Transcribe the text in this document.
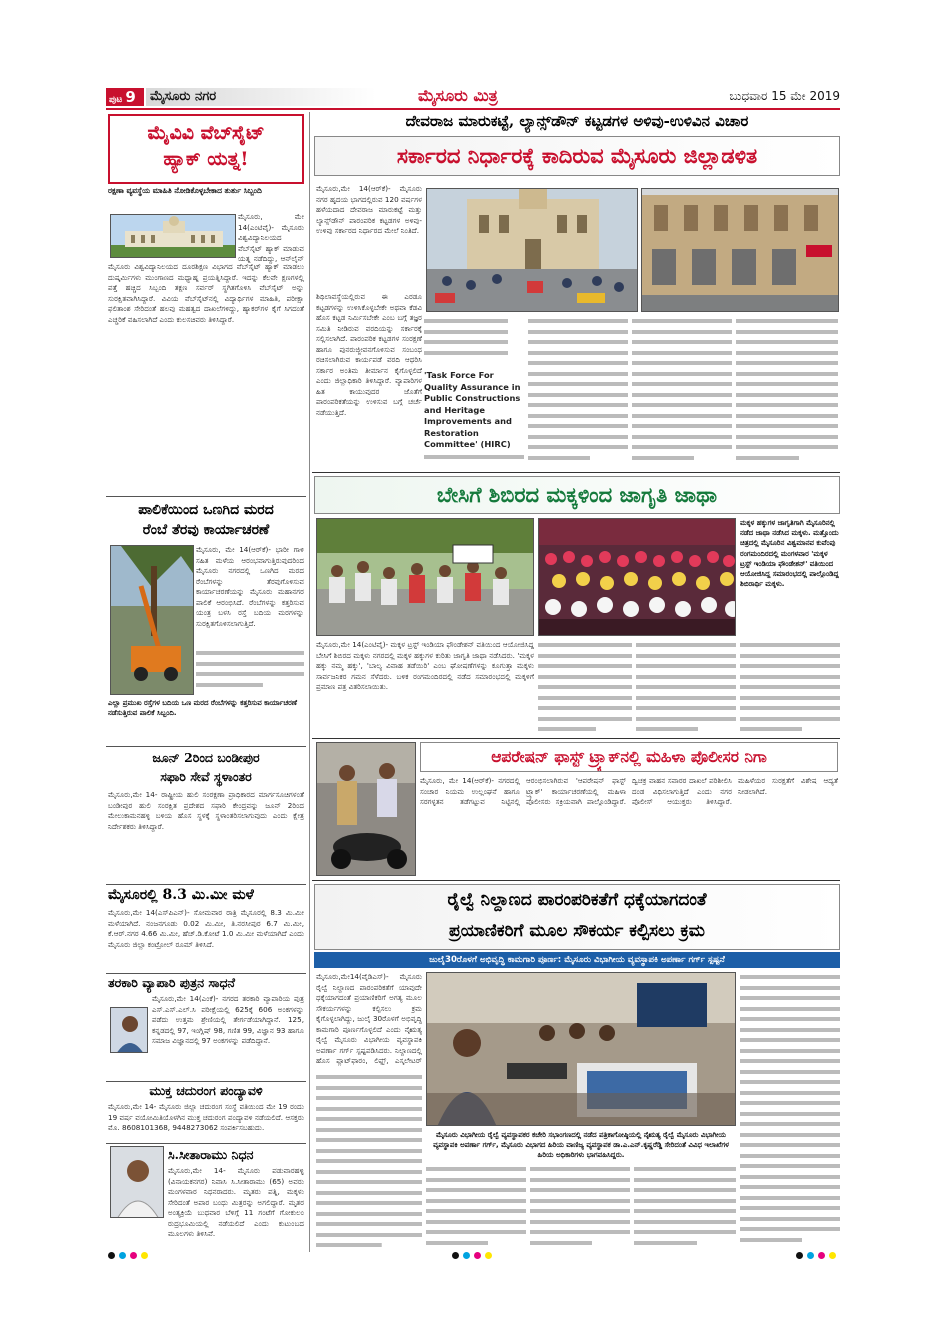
ಪುಟ 9	ಮೈಸೂರು ನಗರ	ಮೈಸೂರು ಮಿತ್ರ	ಬುಧವಾರ 15 ಮೇ 2019
ಮೈವಿವಿ ವೆಬ್‍ಸೈಟ್
ಹ್ಯಾಕ್ ಯತ್ನ!
ರಕ್ಷಣಾ ವ್ಯವಸ್ಥೆಯ ಮಾಹಿತಿ ನೋಡಿಕೊಳ್ಳಬೇಕಾದ ತುರ್ತು ಸಿಬ್ಬಂದಿ
ಮೈಸೂರು, ಮೇ 14(ಎಂಟಿವೈ)- ಮೈಸೂರು ವಿಶ್ವವಿದ್ಯಾನಿಲಯದ ವೆಬ್‍ಸೈಟ್ ಹ್ಯಾಕ್ ಮಾಡುವ ಯತ್ನ ನಡೆದಿದ್ದು, ಆನ್‍ಲೈನ್
ಮೈಸೂರು ವಿಶ್ವವಿದ್ಯಾನಿಲಯದ ದೂರಶಿಕ್ಷಣ ವಿಭಾಗದ ವೆಬ್‍ಸೈಟ್ ಹ್ಯಾಕ್ ಮಾಡಲು ದುಷ್ಕರ್ಮಿಗಳು ಮುಂಗಾಣದ ಮಧ್ಯಾಹ್ನ ಪ್ರಯತ್ನಿಸಿದ್ದಾರೆ. ಇದನ್ನು ಕೆಲವೇ ಕ್ಷಣಗಳಲ್ಲಿ ಪತ್ತೆ ಹಚ್ಚಿದ ಸಿಬ್ಬಂದಿ ತಕ್ಷಣ ಸರ್ವರ್ ಸ್ಥಗಿತಗೊಳಿಸಿ ವೆಬ್‍ಸೈಟ್ ಅನ್ನು ಸುರಕ್ಷಿತವಾಗಿಸಿದ್ದಾರೆ. ವಿವಿಯ ವೆಬ್‍ಸೈಟ್‍ನಲ್ಲಿ ವಿದ್ಯಾರ್ಥಿಗಳ ಮಾಹಿತಿ, ಪರೀಕ್ಷಾ ಫಲಿತಾಂಶ ಸೇರಿದಂತೆ ಹಲವು ಮಹತ್ವದ ದಾಖಲೆಗಳಿದ್ದು, ಹ್ಯಾಕರ್‌ಗಳ ಕೈಗೆ ಸಿಗದಂತೆ ಎಚ್ಚರಿಕೆ ವಹಿಸಲಾಗಿದೆ ಎಂದು ಕುಲಸಚಿವರು ತಿಳಿಸಿದ್ದಾರೆ.
ಪಾಲಿಕೆಯಿಂದ ಒಣಗಿದ ಮರದ
ರೆಂಬೆ ತೆರವು ಕಾರ್ಯಾಚರಣೆ
ಮೈಸೂರು, ಮೇ 14(ಆರ್‌ಕೆ)- ಭಾರೀ ಗಾಳಿ ಸಹಿತ ಮಳೆಯ ಆರಂಭವಾಗುತ್ತಿರುವುದರಿಂದ ಮೈಸೂರು ನಗರದಲ್ಲಿ ಒಣಗಿದ ಮರದ ರೆಂಬೆಗಳನ್ನು ತೆರವುಗೊಳಿಸುವ ಕಾರ್ಯಾಚರಣೆಯನ್ನು ಮೈಸೂರು ಮಹಾನಗರ ಪಾಲಿಕೆ ಆರಂಭಿಸಿದೆ. ರೆಂಬೆಗಳನ್ನು ಕತ್ತರಿಸುವ ಯಂತ್ರ ಬಳಸಿ ರಸ್ತೆ ಬದಿಯ ಮರಗಳನ್ನು ಸುರಕ್ಷಿತಗೊಳಿಸಲಾಗುತ್ತಿದೆ.
ಎಲ್ಲಾ ಪ್ರಮುಖ ರಸ್ತೆಗಳ ಬದಿಯ ಒಣ ಮರದ ರೆಂಬೆಗಳನ್ನು ಕತ್ತರಿಸುವ ಕಾರ್ಯಾಚರಣೆ ನಡೆಸುತ್ತಿರುವ ಪಾಲಿಕೆ ಸಿಬ್ಬಂದಿ.
ಜೂನ್ 2ರಿಂದ ಬಂಡೀಪುರ
ಸಫಾರಿ ಸೇವೆ ಸ್ಥಳಾಂತರ
ಮೈಸೂರು,ಮೇ 14- ರಾಷ್ಟ್ರೀಯ ಹುಲಿ ಸಂರಕ್ಷಣಾ ಪ್ರಾಧಿಕಾರದ ಮಾರ್ಗಸೂಚಿಗಳಂತೆ ಬಂಡೀಪುರ ಹುಲಿ ಸಂರಕ್ಷಿತ ಪ್ರದೇಶದ ಸಫಾರಿ ಕೇಂದ್ರವನ್ನು ಜೂನ್ 2ರಿಂದ ಮೇಲುಕಾಮನಹಳ್ಳಿ ಬಳಿಯ ಹೊಸ ಸ್ಥಳಕ್ಕೆ ಸ್ಥಳಾಂತರಿಸಲಾಗುವುದು ಎಂದು ಕ್ಷೇತ್ರ ನಿರ್ದೇಶಕರು ತಿಳಿಸಿದ್ದಾರೆ.
ಮೈಸೂರಲ್ಲಿ 8.3 ಮಿ.ಮೀ ಮಳೆ
ಮೈಸೂರು,ಮೇ 14(ಎಸ್‌ಪಿಎನ್)- ಸೋಮವಾರ ರಾತ್ರಿ ಮೈಸೂರಲ್ಲಿ 8.3 ಮಿ.ಮೀ ಮಳೆಯಾಗಿದೆ. ನಂಜನಗೂಡು 0.02 ಮಿ.ಮೀ, ತಿ.ನರಸೀಪುರ 6.7 ಮಿ.ಮೀ, ಕೆ.ಆರ್.ನಗರ 4.66 ಮಿ.ಮೀ, ಹೆಚ್.ಡಿ.ಕೋಟೆ 1.0 ಮಿ.ಮೀ ಮಳೆಯಾಗಿದೆ ಎಂದು ಮೈಸೂರು ಜಿಲ್ಲಾ ಕಂಟ್ರೋಲ್ ರೂಮ್ ತಿಳಿಸಿದೆ.
ತರಕಾರಿ ವ್ಯಾಪಾರಿ ಪುತ್ರನ ಸಾಧನೆ
ಮೈಸೂರು,ಮೇ 14(ಎಂಕೆ)- ನಗರದ ತರಕಾರಿ ವ್ಯಾಪಾರಿಯ ಪುತ್ರ ಎಸ್.ಎಸ್.ಎಲ್.ಸಿ ಪರೀಕ್ಷೆಯಲ್ಲಿ 625ಕ್ಕೆ 606 ಅಂಕಗಳನ್ನು ಪಡೆದು ಉತ್ತಮ ಶ್ರೇಣಿಯಲ್ಲಿ ತೇರ್ಗಡೆಯಾಗಿದ್ದಾನೆ. 125, ಕನ್ನಡದಲ್ಲಿ 97, ಇಂಗ್ಲಿಷ್ 98, ಗಣಿತ 99, ವಿಜ್ಞಾನ 93 ಹಾಗೂ ಸಮಾಜ ವಿಜ್ಞಾನದಲ್ಲಿ 97 ಅಂಕಗಳನ್ನು ಪಡೆದಿದ್ದಾನೆ.
ಮುಕ್ತ ಚದುರಂಗ ಪಂದ್ಯಾವಳಿ
ಮೈಸೂರು,ಮೇ 14- ಮೈಸೂರು ಜಿಲ್ಲಾ ಚದುರಂಗ ಸಂಸ್ಥೆ ವತಿಯಿಂದ ಮೇ 19 ರಂದು 19 ವರ್ಷ ವಯೋಮಿತಿಯೊಳಗಿನ ಮುಕ್ತ ಚದುರಂಗ ಪಂದ್ಯಾವಳಿ ನಡೆಯಲಿದೆ. ಆಸಕ್ತರು ಮೊ. 8608101368, 9448273062 ಸಂಪರ್ಕಿಸಬಹುದು.
ಸಿ.ಸೀತಾರಾಮು ನಿಧನ
ಮೈಸೂರು,ಮೇ 14- ಮೈಸೂರು ಪಡುವಾರಹಳ್ಳಿ (ವಿನಾಯಕನಗರ) ನಿವಾಸಿ ಸಿ.ಸೀತಾರಾಮು (65) ಅವರು ಮಂಗಳವಾರ ನಿಧನರಾದರು. ಮೃತರು ಪತ್ನಿ, ಮಕ್ಕಳು ಸೇರಿದಂತೆ ಅಪಾರ ಬಂಧು ಮಿತ್ರರನ್ನು ಅಗಲಿದ್ದಾರೆ. ಮೃತರ ಅಂತ್ಯಕ್ರಿಯೆ ಬುಧವಾರ ಬೆಳಿಗ್ಗೆ 11 ಗಂಟೆಗೆ ಗೋಕುಲಂ ರುದ್ರಭೂಮಿಯಲ್ಲಿ ನಡೆಯಲಿದೆ ಎಂದು ಕುಟುಂಬದ ಮೂಲಗಳು ತಿಳಿಸಿವೆ.
ದೇವರಾಜ ಮಾರುಕಟ್ಟೆ, ಲ್ಯಾನ್ಸ್‌ಡೌನ್ ಕಟ್ಟಡಗಳ ಅಳಿವು-ಉಳಿವಿನ ವಿಚಾರ
ಸರ್ಕಾರದ ನಿರ್ಧಾರಕ್ಕೆ ಕಾದಿರುವ ಮೈಸೂರು ಜಿಲ್ಲಾಡಳಿತ
ಮೈಸೂರು,ಮೇ 14(ಆರ್‌ಕೆ)- ಮೈಸೂರು ನಗರ ಹೃದಯ ಭಾಗದಲ್ಲಿರುವ 120 ವರ್ಷಗಳ ಹಳೆಯದಾದ ದೇವರಾಜ ಮಾರುಕಟ್ಟೆ ಮತ್ತು ಲ್ಯಾನ್ಸ್‌ಡೌನ್ ಪಾರಂಪರಿಕ ಕಟ್ಟಡಗಳ ಅಳಿವು-ಉಳಿವು ಸರ್ಕಾರದ ನಿರ್ಧಾರದ ಮೇಲೆ ನಿಂತಿದೆ.
ಶಿಥಿಲಾವಸ್ಥೆಯಲ್ಲಿರುವ ಈ ಎರಡೂ ಕಟ್ಟಡಗಳನ್ನು ಉಳಿಸಿಕೊಳ್ಳಬೇಕೇ ಅಥವಾ ಕೆಡವಿ ಹೊಸ ಕಟ್ಟಡ ನಿರ್ಮಿಸಬೇಕೇ ಎಂಬ ಬಗ್ಗೆ ತಜ್ಞರ ಸಮಿತಿ ನೀಡಿರುವ ವರದಿಯನ್ನು ಸರ್ಕಾರಕ್ಕೆ ಸಲ್ಲಿಸಲಾಗಿದೆ. ಪಾರಂಪರಿಕ ಕಟ್ಟಡಗಳ ಸಂರಕ್ಷಣೆ ಹಾಗೂ ಪುನರುಜ್ಜೀವನಗೊಳಿಸುವ ಸಂಬಂಧ ರಚಿಸಲಾಗಿರುವ ಕಾರ್ಯಪಡೆ ವರದಿ ಆಧರಿಸಿ ಸರ್ಕಾರ ಅಂತಿಮ ತೀರ್ಮಾನ ಕೈಗೊಳ್ಳಲಿದೆ ಎಂದು ಜಿಲ್ಲಾಧಿಕಾರಿ ತಿಳಿಸಿದ್ದಾರೆ. ವ್ಯಾಪಾರಿಗಳ ಹಿತ ಕಾಯುವುದರ ಜೊತೆಗೆ ಪಾರಂಪರಿಕತೆಯನ್ನು ಉಳಿಸುವ ಬಗ್ಗೆ ಚರ್ಚೆ ನಡೆಯುತ್ತಿದೆ.
'Task Force For Quality Assurance in Public Constructions and Heritage Improvements and Restoration Committee' (HIRC)
ಬೇಸಿಗೆ ಶಿಬಿರದ ಮಕ್ಕಳಿಂದ ಜಾಗೃತಿ ಜಾಥಾ
ಮಕ್ಕಳ ಹಕ್ಕುಗಳ ಜಾಗೃತಿಗಾಗಿ ಮೈಸೂರಿನಲ್ಲಿ ನಡೆದ ಜಾಥಾ ನಡೆಸಿದ ಮಕ್ಕಳು. ಮತ್ತೊಂದು ಚಿತ್ರದಲ್ಲಿ ಮೈಸೂರಿನ ವಿಶ್ವಮಾನವ ಕುವೆಂಪು ರಂಗಮಂದಿರದಲ್ಲಿ ಮಂಗಳವಾರ 'ಮಕ್ಕಳ ಟ್ರಸ್ಟ್ ಇಂಡಿಯಾ ಫೌಂಡೇಶನ್' ವತಿಯಿಂದ ಆಯೋಜಿಸಿದ್ದ ಸಮಾರಂಭದಲ್ಲಿ ಪಾಲ್ಗೊಂಡಿದ್ದ ಶಿಬಿರಾರ್ಥಿ ಮಕ್ಕಳು.
ಮೈಸೂರು,ಮೇ 14(ಎಂಟಿವೈ)- ಮಕ್ಕಳ ಟ್ರಸ್ಟ್ ಇಂಡಿಯಾ ಫೌಂಡೇಶನ್ ವತಿಯಿಂದ ಆಯೋಜಿಸಿದ್ದ ಬೇಸಿಗೆ ಶಿಬಿರದ ಮಕ್ಕಳು ನಗರದಲ್ಲಿ ಮಕ್ಕಳ ಹಕ್ಕುಗಳ ಕುರಿತು ಜಾಗೃತಿ ಜಾಥಾ ನಡೆಸಿದರು. 'ಮಕ್ಕಳ ಹಕ್ಕು ನಮ್ಮ ಹಕ್ಕು', 'ಬಾಲ್ಯ ವಿವಾಹ ತಡೆಯಿರಿ' ಎಂಬ ಘೋಷಣೆಗಳನ್ನು ಕೂಗುತ್ತಾ ಮಕ್ಕಳು ಸಾರ್ವಜನಿಕರ ಗಮನ ಸೆಳೆದರು. ಬಳಿಕ ರಂಗಮಂದಿರದಲ್ಲಿ ನಡೆದ ಸಮಾರಂಭದಲ್ಲಿ ಮಕ್ಕಳಿಗೆ ಪ್ರಮಾಣ ಪತ್ರ ವಿತರಿಸಲಾಯಿತು.
ಆಪರೇಷನ್ ಫಾಸ್ಟ್ ಟ್ರ್ಯಾಕ್‌ನಲ್ಲಿ ಮಹಿಳಾ ಪೊಲೀಸರ ನಿಗಾ
ಮೈಸೂರು, ಮೇ 14(ಆರ್‌ಕೆ)- ನಗರದಲ್ಲಿ ಸಂಚಾರ ನಿಯಮ ಉಲ್ಲಂಘನೆ ಹಾಗೂ ಸರಗಳ್ಳತನ ತಡೆಗಟ್ಟುವ ನಿಟ್ಟಿನಲ್ಲಿ ಆರಂಭಿಸಲಾಗಿರುವ 'ಆಪರೇಷನ್ ಫಾಸ್ಟ್ ಟ್ರ್ಯಾಕ್' ಕಾರ್ಯಾಚರಣೆಯಲ್ಲಿ ಮಹಿಳಾ ಪೊಲೀಸರು ಸಕ್ರಿಯವಾಗಿ ಪಾಲ್ಗೊಂಡಿದ್ದಾರೆ. ದ್ವಿಚಕ್ರ ವಾಹನ ಸವಾರರ ದಾಖಲೆ ಪರಿಶೀಲಿಸಿ ದಂಡ ವಿಧಿಸಲಾಗುತ್ತಿದೆ ಎಂದು ನಗರ ಪೊಲೀಸ್ ಆಯುಕ್ತರು ತಿಳಿಸಿದ್ದಾರೆ. ಮಹಿಳೆಯರ ಸುರಕ್ಷತೆಗೆ ವಿಶೇಷ ಆದ್ಯತೆ ನೀಡಲಾಗಿದೆ.
ರೈಲ್ವೆ ನಿಲ್ದಾಣದ ಪಾರಂಪರಿಕತೆಗೆ ಧಕ್ಕೆಯಾಗದಂತೆ
ಪ್ರಯಾಣಿಕರಿಗೆ ಮೂಲ ಸೌಕರ್ಯ ಕಲ್ಪಿಸಲು ಕ್ರಮ
ಜುಲೈ30ರೊಳಗೆ ಅಭಿವೃದ್ಧಿ ಕಾಮಗಾರಿ ಪೂರ್ಣ: ಮೈಸೂರು ವಿಭಾಗೀಯ ವ್ಯವಸ್ಥಾಪಕಿ ಅಪರ್ಣಾ ಗರ್ಗ್ ಸ್ಪಷ್ಟನೆ
ಮೈಸೂರು,ಮೇ14(ವೈಡಿಎಸ್)- ಮೈಸೂರು ರೈಲ್ವೆ ನಿಲ್ದಾಣದ ಪಾರಂಪರಿಕತೆಗೆ ಯಾವುದೇ ಧಕ್ಕೆಯಾಗದಂತೆ ಪ್ರಯಾಣಿಕರಿಗೆ ಅಗತ್ಯ ಮೂಲ ಸೌಕರ್ಯಗಳನ್ನು ಕಲ್ಪಿಸಲು ಕ್ರಮ ಕೈಗೊಳ್ಳಲಾಗಿದ್ದು, ಜುಲೈ 30ರೊಳಗೆ ಅಭಿವೃದ್ಧಿ ಕಾಮಗಾರಿ ಪೂರ್ಣಗೊಳ್ಳಲಿದೆ ಎಂದು ನೈಋತ್ಯ ರೈಲ್ವೆ ಮೈಸೂರು ವಿಭಾಗೀಯ ವ್ಯವಸ್ಥಾಪಕಿ ಅಪರ್ಣಾ ಗರ್ಗ್ ಸ್ಪಷ್ಟಪಡಿಸಿದರು. ನಿಲ್ದಾಣದಲ್ಲಿ ಹೊಸ ಪ್ಲಾಟ್‌ಫಾರಂ, ಲಿಫ್ಟ್, ಎಸ್ಕಲೇಟರ್
ಮೈಸೂರು ವಿಭಾಗೀಯ ರೈಲ್ವೆ ವ್ಯವಸ್ಥಾಪಕರ ಕಚೇರಿ ಸಭಾಂಗಣದಲ್ಲಿ ನಡೆದ ಪತ್ರಿಕಾಗೋಷ್ಠಿಯಲ್ಲಿ ನೈಋತ್ಯ ರೈಲ್ವೆ ಮೈಸೂರು ವಿಭಾಗೀಯ ವ್ಯವಸ್ಥಾಪಕಿ ಅಪರ್ಣಾ ಗರ್ಗ್, ಮೈಸೂರು ವಿಭಾಗದ ಹಿರಿಯ ವಾಣಿಜ್ಯ ವ್ಯವಸ್ಥಾಪಕ ಡಾ.ಎ.ಎನ್.ಕೃಷ್ಣರೆಡ್ಡಿ ಸೇರಿದಂತೆ ವಿವಿಧ ಇಲಾಖೆಗಳ ಹಿರಿಯ ಅಧಿಕಾರಿಗಳು ಭಾಗವಹಿಸಿದ್ದರು.
